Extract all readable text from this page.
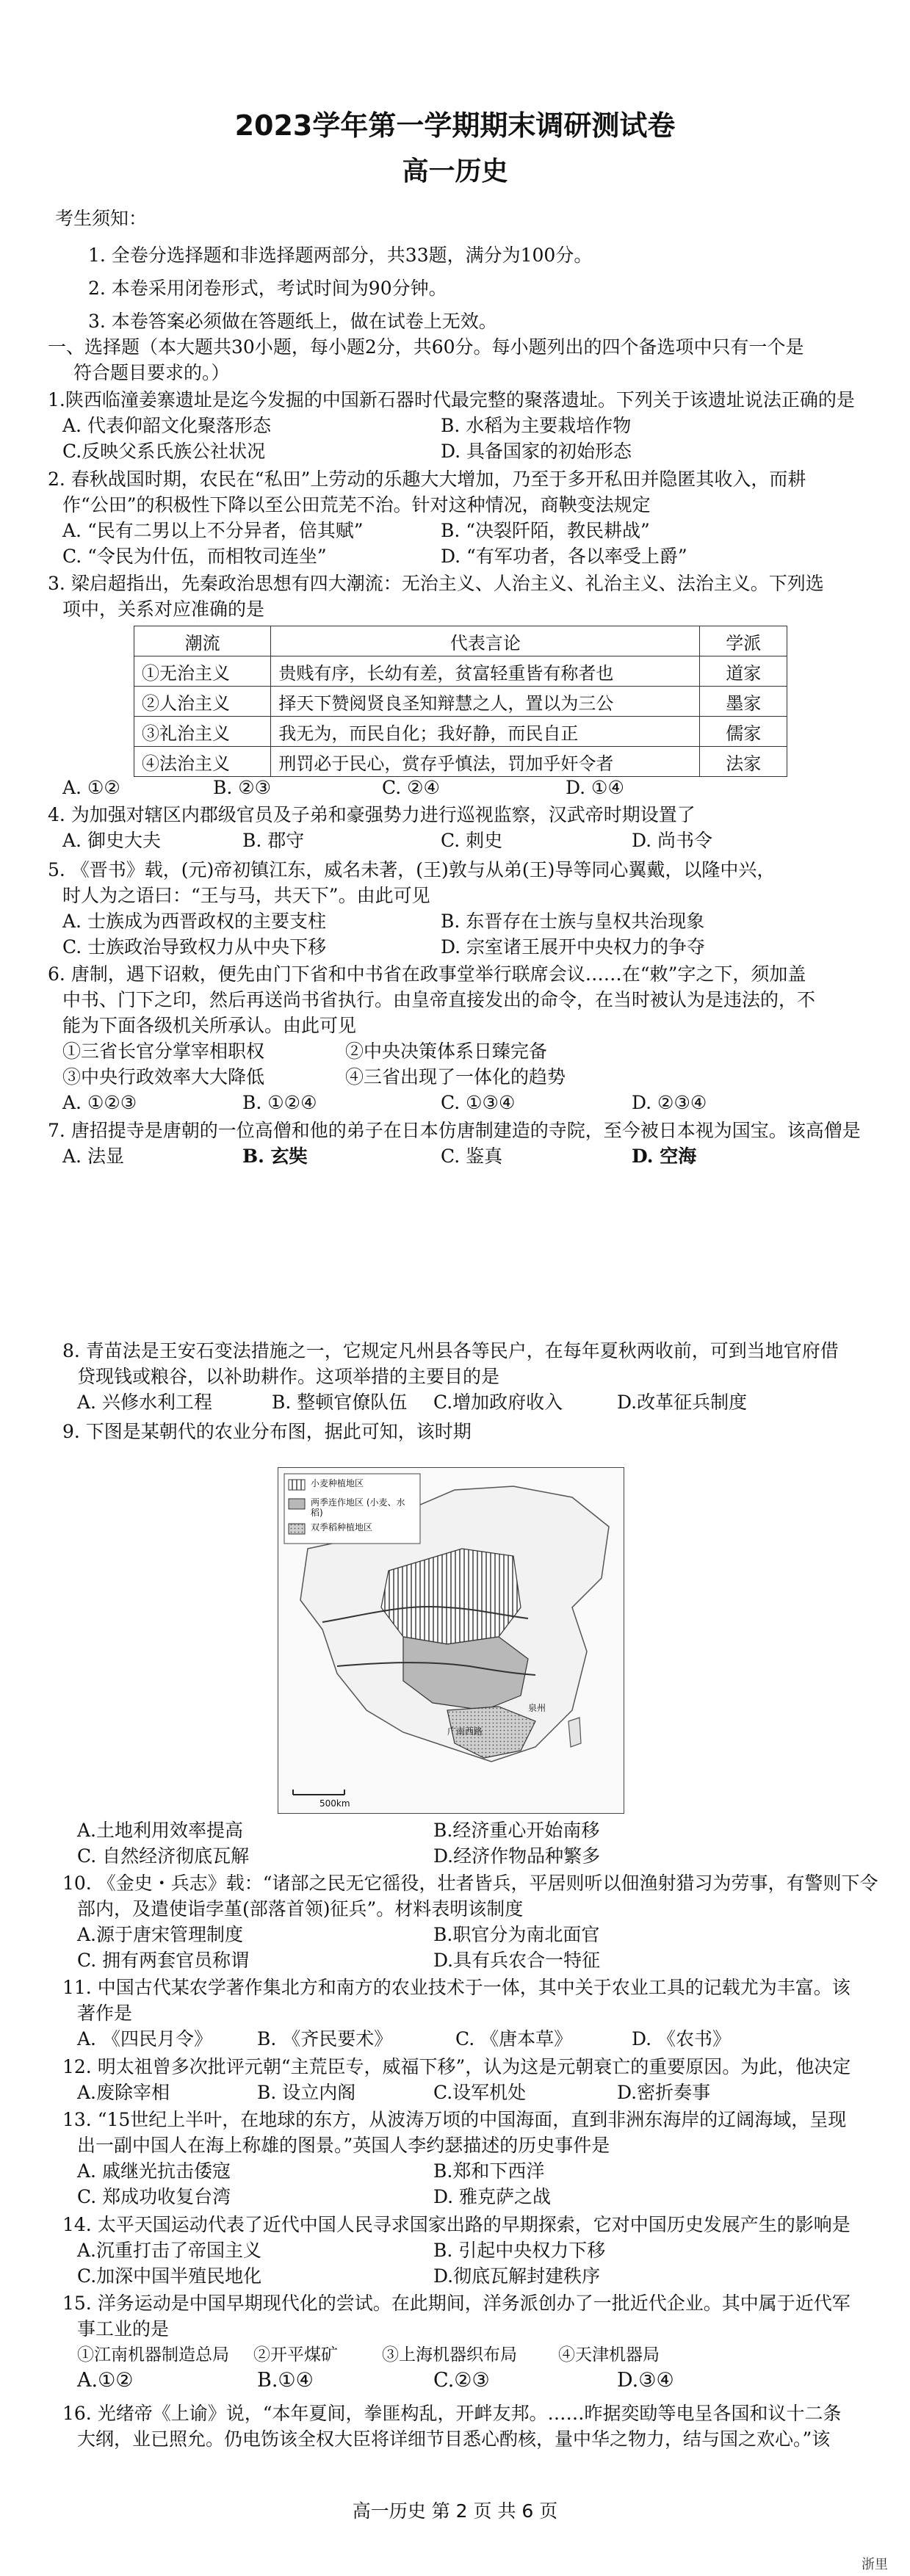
2023学年第一学期期末调研测试卷
高一历史
考生须知：
1. 全卷分选择题和非选择题两部分，共33题，满分为100分。
2. 本卷采用闭卷形式，考试时间为90分钟。
3. 本卷答案必须做在答题纸上，做在试卷上无效。
一、选择题（本大题共30小题，每小题2分，共60分。每小题列出的四个备选项中只有一个是
符合题目要求的。）
1.陕西临潼姜寨遗址是迄今发掘的中国新石器时代最完整的聚落遗址。下列关于该遗址说法正确的是
A. 代表仰韶文化聚落形态	B. 水稻为主要栽培作物
C.反映父系氏族公社状况	D. 具备国家的初始形态
2. 春秋战国时期，农民在“私田”上劳动的乐趣大大增加，乃至于多开私田并隐匿其收入，而耕
作“公田”的积极性下降以至公田荒芜不治。针对这种情况，商鞅变法规定
A. “民有二男以上不分异者，倍其赋”	B. “决裂阡陌，教民耕战”
C. “令民为什伍，而相牧司连坐”	D. “有军功者，各以率受上爵”
3. 梁启超指出，先秦政治思想有四大潮流：无治主义、人治主义、礼治主义、法治主义。下列选
项中，关系对应准确的是
潮流	代表言论	学派
①无治主义	贵贱有序，长幼有差，贫富轻重皆有称者也	道家
②人治主义	择天下赞阅贤良圣知辩慧之人，置以为三公	墨家
③礼治主义	我无为，而民自化；我好静，而民自正	儒家
④法治主义	刑罚必于民心，赏存乎慎法，罚加乎奸令者	法家
A. ①②	B. ②③	C. ②④	D. ①④
4. 为加强对辖区内郡级官员及子弟和豪强势力进行巡视监察，汉武帝时期设置了
A. 御史大夫	B. 郡守	C. 刺史	D. 尚书令
5. 《晋书》载，(元)帝初镇江东，威名未著，(王)敦与从弟(王)导等同心翼戴，以隆中兴，
时人为之语曰：“王与马，共天下”。由此可见
A. 士族成为西晋政权的主要支柱	B. 东晋存在士族与皇权共治现象
C. 士族政治导致权力从中央下移	D. 宗室诸王展开中央权力的争夺
6. 唐制，遇下诏敕，便先由门下省和中书省在政事堂举行联席会议……在“敕”字之下，须加盖
中书、门下之印，然后再送尚书省执行。由皇帝直接发出的命令，在当时被认为是违法的，不
能为下面各级机关所承认。由此可见
①三省长官分掌宰相职权	②中央决策体系日臻完备
③中央行政效率大大降低	④三省出现了一体化的趋势
A. ①②③	B. ①②④	C. ①③④	D. ②③④
7. 唐招提寺是唐朝的一位高僧和他的弟子在日本仿唐制建造的寺院，至今被日本视为国宝。该高僧是
A. 法显	B. 玄奘	C. 鉴真	D. 空海
8. 青苗法是王安石变法措施之一，它规定凡州县各等民户，在每年夏秋两收前，可到当地官府借
贷现钱或粮谷，以补助耕作。这项举措的主要目的是
A. 兴修水利工程	B. 整顿官僚队伍 C.增加政府收入	D.改革征兵制度
9. 下图是某朝代的农业分布图，据此可知，该时期
小麦种植地区
两季连作地区 (小麦、水稻)
双季稻种植地区
500km
广南西路
泉州
A.土地利用效率提高	B.经济重心开始南移
C. 自然经济彻底瓦解	D.经济作物品种繁多
10. 《金史・兵志》载：“诸部之民无它徭役，壮者皆兵，平居则听以佃渔射猎习为劳事，有警则下令
部内，及遣使诣孛堇(部落首领)征兵”。材料表明该制度
A.源于唐宋管理制度	B.职官分为南北面官
C. 拥有两套官员称谓	D.具有兵农合一特征
11. 中国古代某农学著作集北方和南方的农业技术于一体，其中关于农业工具的记载尤为丰富。该
著作是
A. 《四民月令》 B. 《齐民要术》	C. 《唐本草》	D. 《农书》
12. 明太祖曾多次批评元朝“主荒臣专，威福下移”，认为这是元朝衰亡的重要原因。为此，他决定
A.废除宰相	B. 设立内阁	C.设军机处	D.密折奏事
13. “15世纪上半叶，在地球的东方，从波涛万顷的中国海面，直到非洲东海岸的辽阔海域，呈现
出一副中国人在海上称雄的图景。”英国人李约瑟描述的历史事件是
A. 戚继光抗击倭寇	B.郑和下西洋
C. 郑成功收复台湾	D. 雅克萨之战
14. 太平天国运动代表了近代中国人民寻求国家出路的早期探索，它对中国历史发展产生的影响是
A.沉重打击了帝国主义	B. 引起中央权力下移
C.加深中国半殖民地化	D.彻底瓦解封建秩序
15. 洋务运动是中国早期现代化的尝试。在此期间，洋务派创办了一批近代企业。其中属于近代军
事工业的是
①江南机器制造总局 ②开平煤矿	③上海机器织布局 ④天津机器局
A.①②	B.①④	C.②③	D.③④
16. 光绪帝《上谕》说，“本年夏间，拳匪构乱，开衅友邦。……昨据奕劻等电呈各国和议十二条
大纲，业已照允。仍电饬该全权大臣将详细节目悉心酌核，量中华之物力，结与国之欢心。”该
高一历史 第 2 页 共 6 页
浙里
